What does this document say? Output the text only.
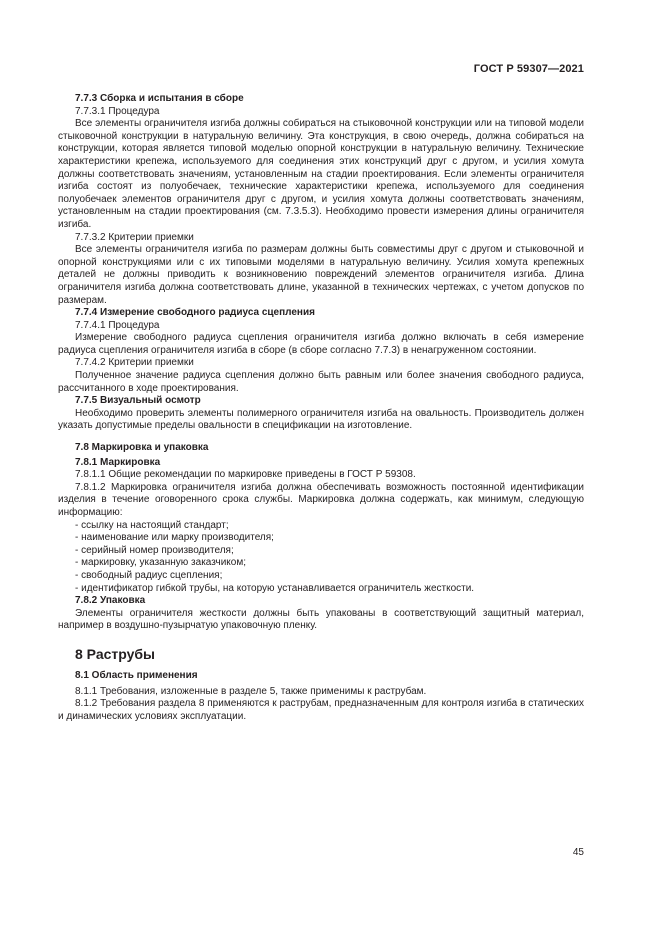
ГОСТ Р 59307—2021
7.7.3 Сборка и испытания в сборе

7.7.3.1 Процедура

Все элементы ограничителя изгиба должны собираться на стыковочной конструкции или на типовой модели стыковочной конструкции в натуральную величину. Эта конструкция, в свою очередь, должна собираться на конструкции, которая является типовой моделью опорной конструкции в натуральную величину. Технические характеристики крепежа, используемого для соединения этих конструкций друг с другом, и усилия хомута должны соответствовать значениям, установленным на стадии проектирования. Если элементы ограничителя изгиба состоят из полуобечаек, технические характеристики крепежа, используемого для соединения полуобечаек элементов ограничителя друг с другом, и усилия хомута должны соответствовать значениям, установленным на стадии проектирования (см. 7.3.5.3). Необходимо провести измерения длины ограничителя изгиба.

7.7.3.2 Критерии приемки

Все элементы ограничителя изгиба по размерам должны быть совместимы друг с другом и стыковочной и опорной конструкциями или с их типовыми моделями в натуральную величину. Усилия хомута крепежных деталей не должны приводить к возникновению повреждений элементов ограничителя изгиба. Длина ограничителя изгиба должна соответствовать длине, указанной в технических чертежах, с учетом допусков по размерам.

7.7.4 Измерение свободного радиуса сцепления

7.7.4.1 Процедура

Измерение свободного радиуса сцепления ограничителя изгиба должно включать в себя измерение радиуса сцепления ограничителя изгиба в сборе (в сборе согласно 7.7.3) в ненагруженном состоянии.

7.7.4.2 Критерии приемки

Полученное значение радиуса сцепления должно быть равным или более значения свободного радиуса, рассчитанного в ходе проектирования.

7.7.5 Визуальный осмотр

Необходимо проверить элементы полимерного ограничителя изгиба на овальность. Производитель должен указать допустимые пределы овальности в спецификации на изготовление.

7.8 Маркировка и упаковка
7.8.1 Маркировка

7.8.1.1 Общие рекомендации по маркировке приведены в ГОСТ Р 59308.

7.8.1.2 Маркировка ограничителя изгиба должна обеспечивать возможность постоянной идентификации изделия в течение оговоренного срока службы. Маркировка должна содержать, как минимум, следующую информацию:

- ссылку на настоящий стандарт;
- наименование или марку производителя;
- серийный номер производителя;
- маркировку, указанную заказчиком;
- свободный радиус сцепления;
- идентификатор гибкой трубы, на которую устанавливается ограничитель жесткости.
7.8.2 Упаковка

Элементы ограничителя жесткости должны быть упакованы в соответствующий защитный материал, например в воздушно-пузырчатую упаковочную пленку.

8 Раструбы
8.1 Область применения

8.1.1 Требования, изложенные в разделе 5, также применимы к раструбам.

8.1.2 Требования раздела 8 применяются к раструбам, предназначенным для контроля изгиба в статических и динамических условиях эксплуатации.

45
